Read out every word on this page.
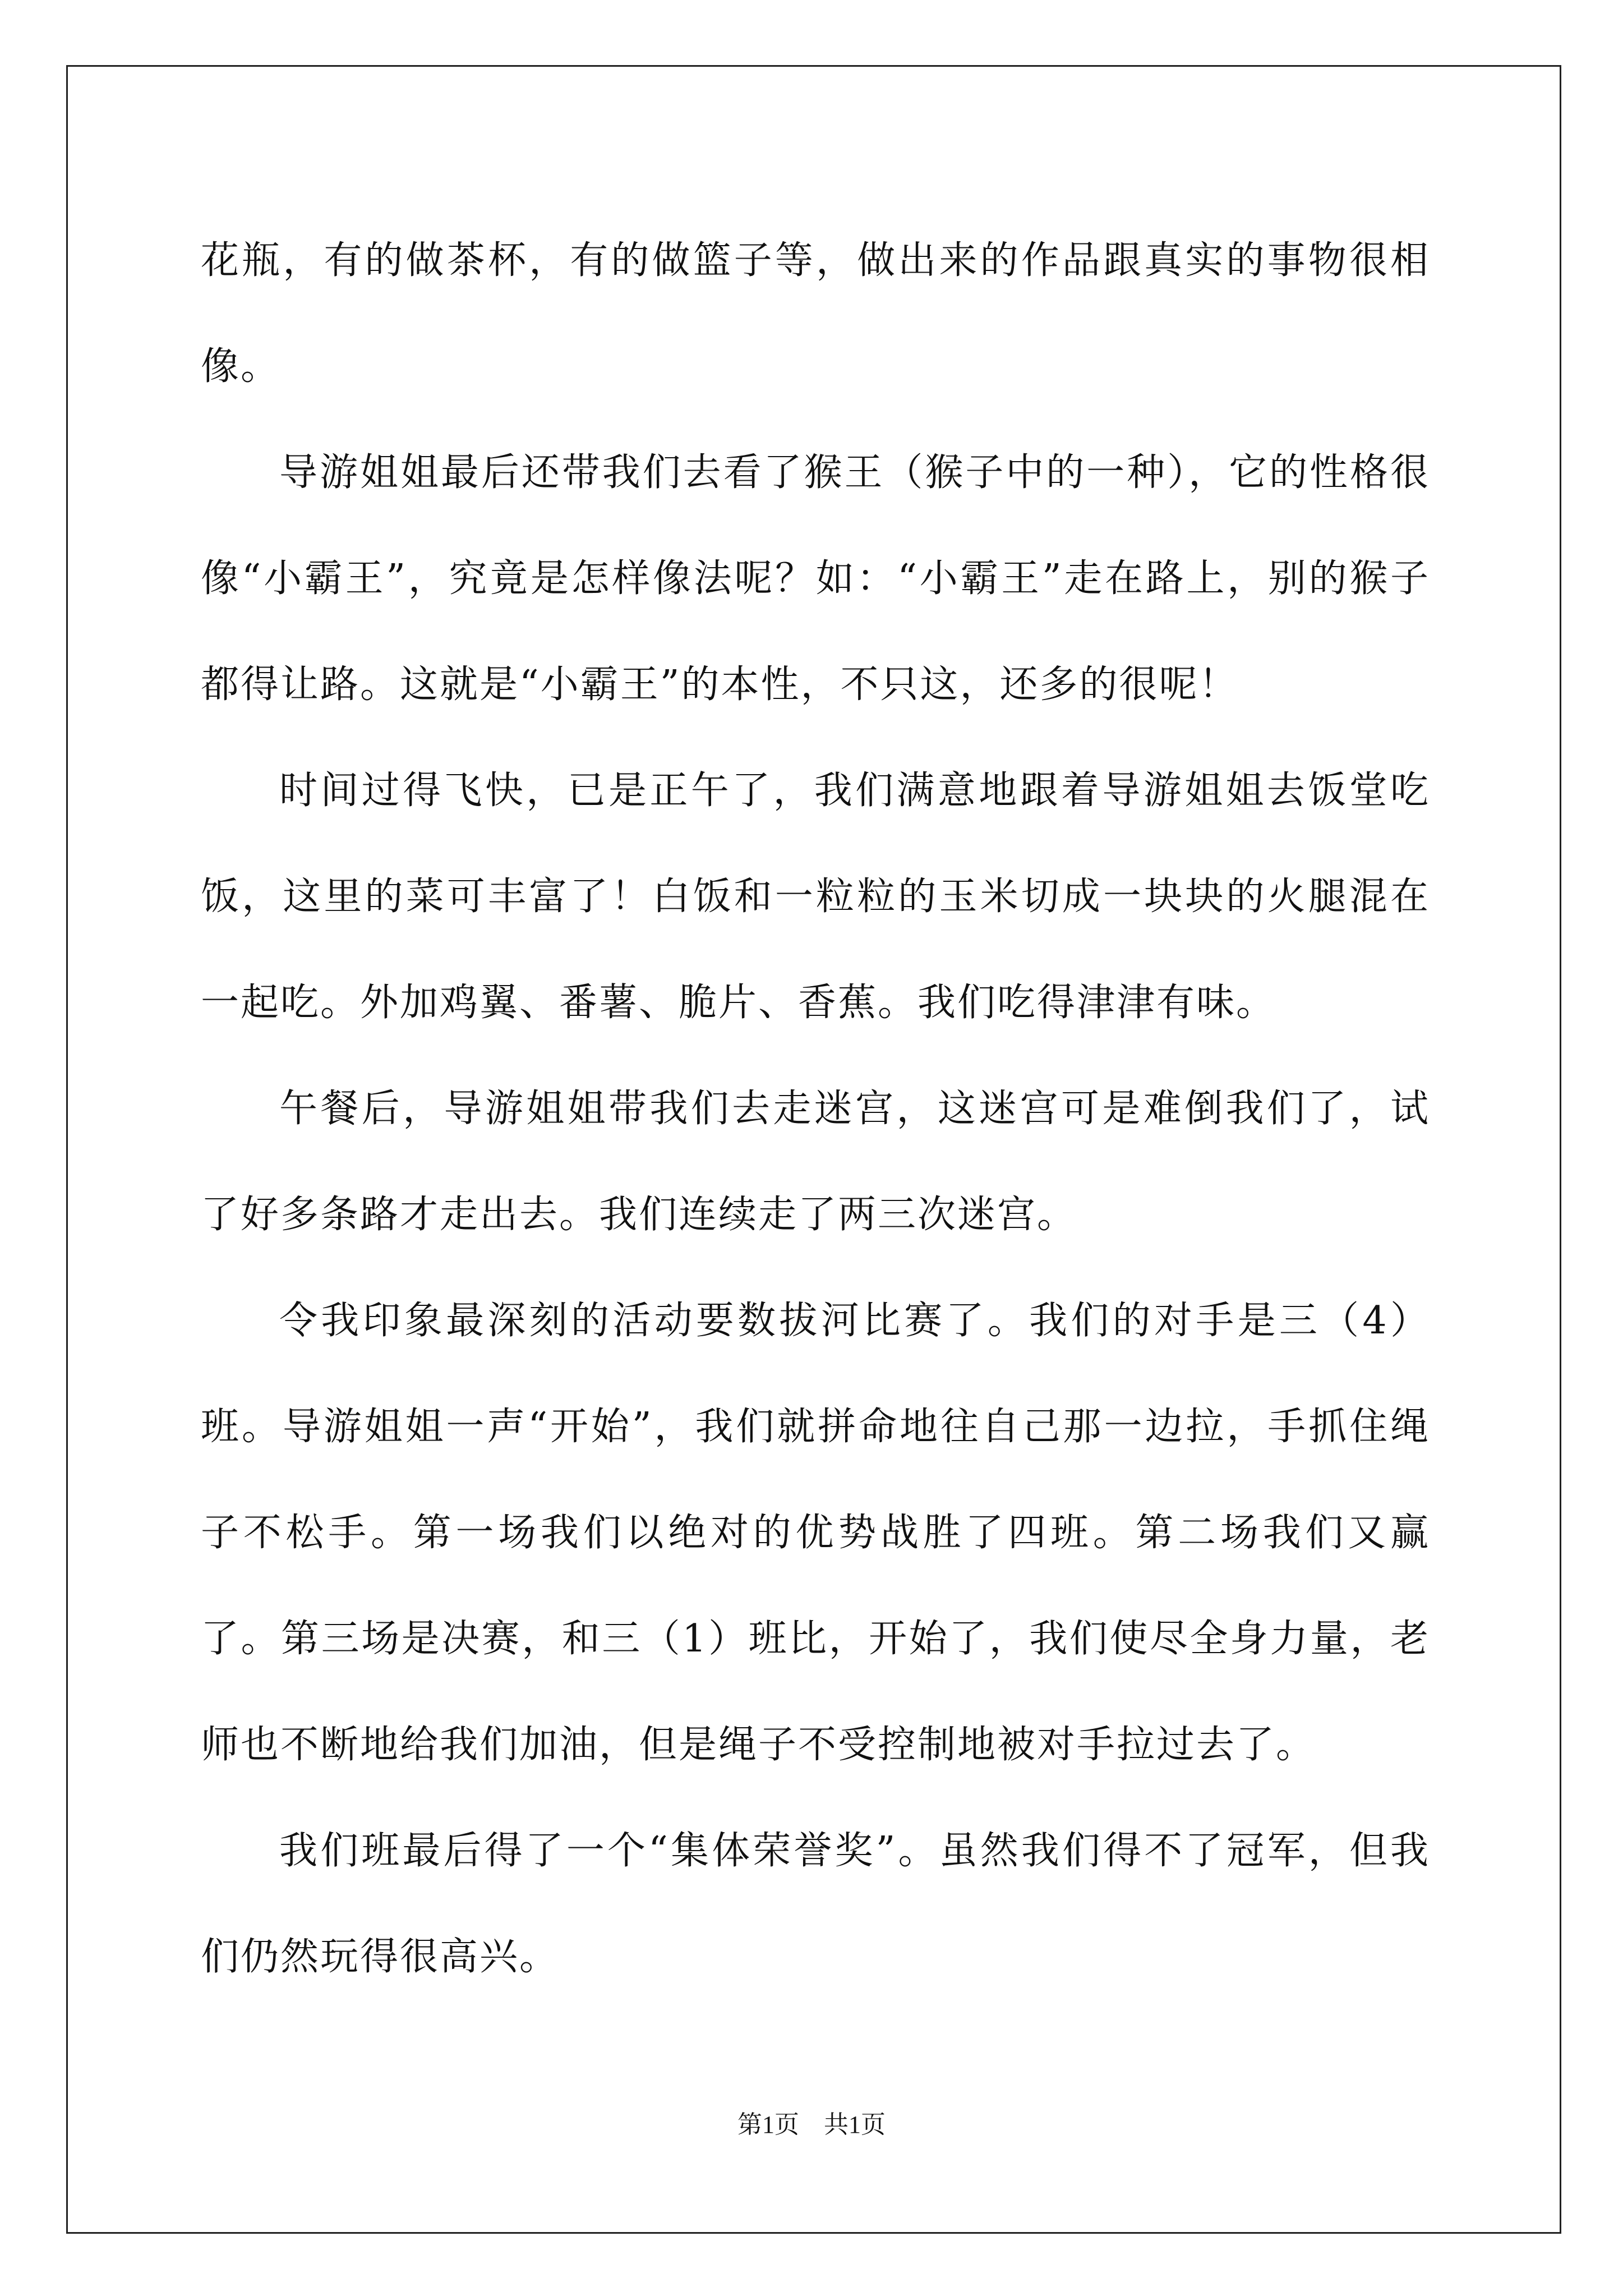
花瓶，有的做茶杯，有的做篮子等，做出来的作品跟真实的事物很相像。

导游姐姐最后还带我们去看了猴王（猴子中的一种），它的性格很像“小霸王”，究竟是怎样像法呢？如：“小霸王”走在路上，别的猴子都得让路。这就是“小霸王”的本性，不只这，还多的很呢！

时间过得飞快，已是正午了，我们满意地跟着导游姐姐去饭堂吃饭，这里的菜可丰富了！白饭和一粒粒的玉米切成一块块的火腿混在一起吃。外加鸡翼、番薯、脆片、香蕉。我们吃得津津有味。

午餐后，导游姐姐带我们去走迷宫，这迷宫可是难倒我们了，试了好多条路才走出去。我们连续走了两三次迷宫。

令我印象最深刻的活动要数拔河比赛了。我们的对手是三（4）班。导游姐姐一声“开始”，我们就拼命地往自己那一边拉，手抓住绳子不松手。第一场我们以绝对的优势战胜了四班。第二场我们又赢了。第三场是决赛，和三（1）班比，开始了，我们使尽全身力量，老师也不断地给我们加油，但是绳子不受控制地被对手拉过去了。

我们班最后得了一个“集体荣誉奖”。虽然我们得不了冠军，但我们仍然玩得很高兴。

第1页　共1页
